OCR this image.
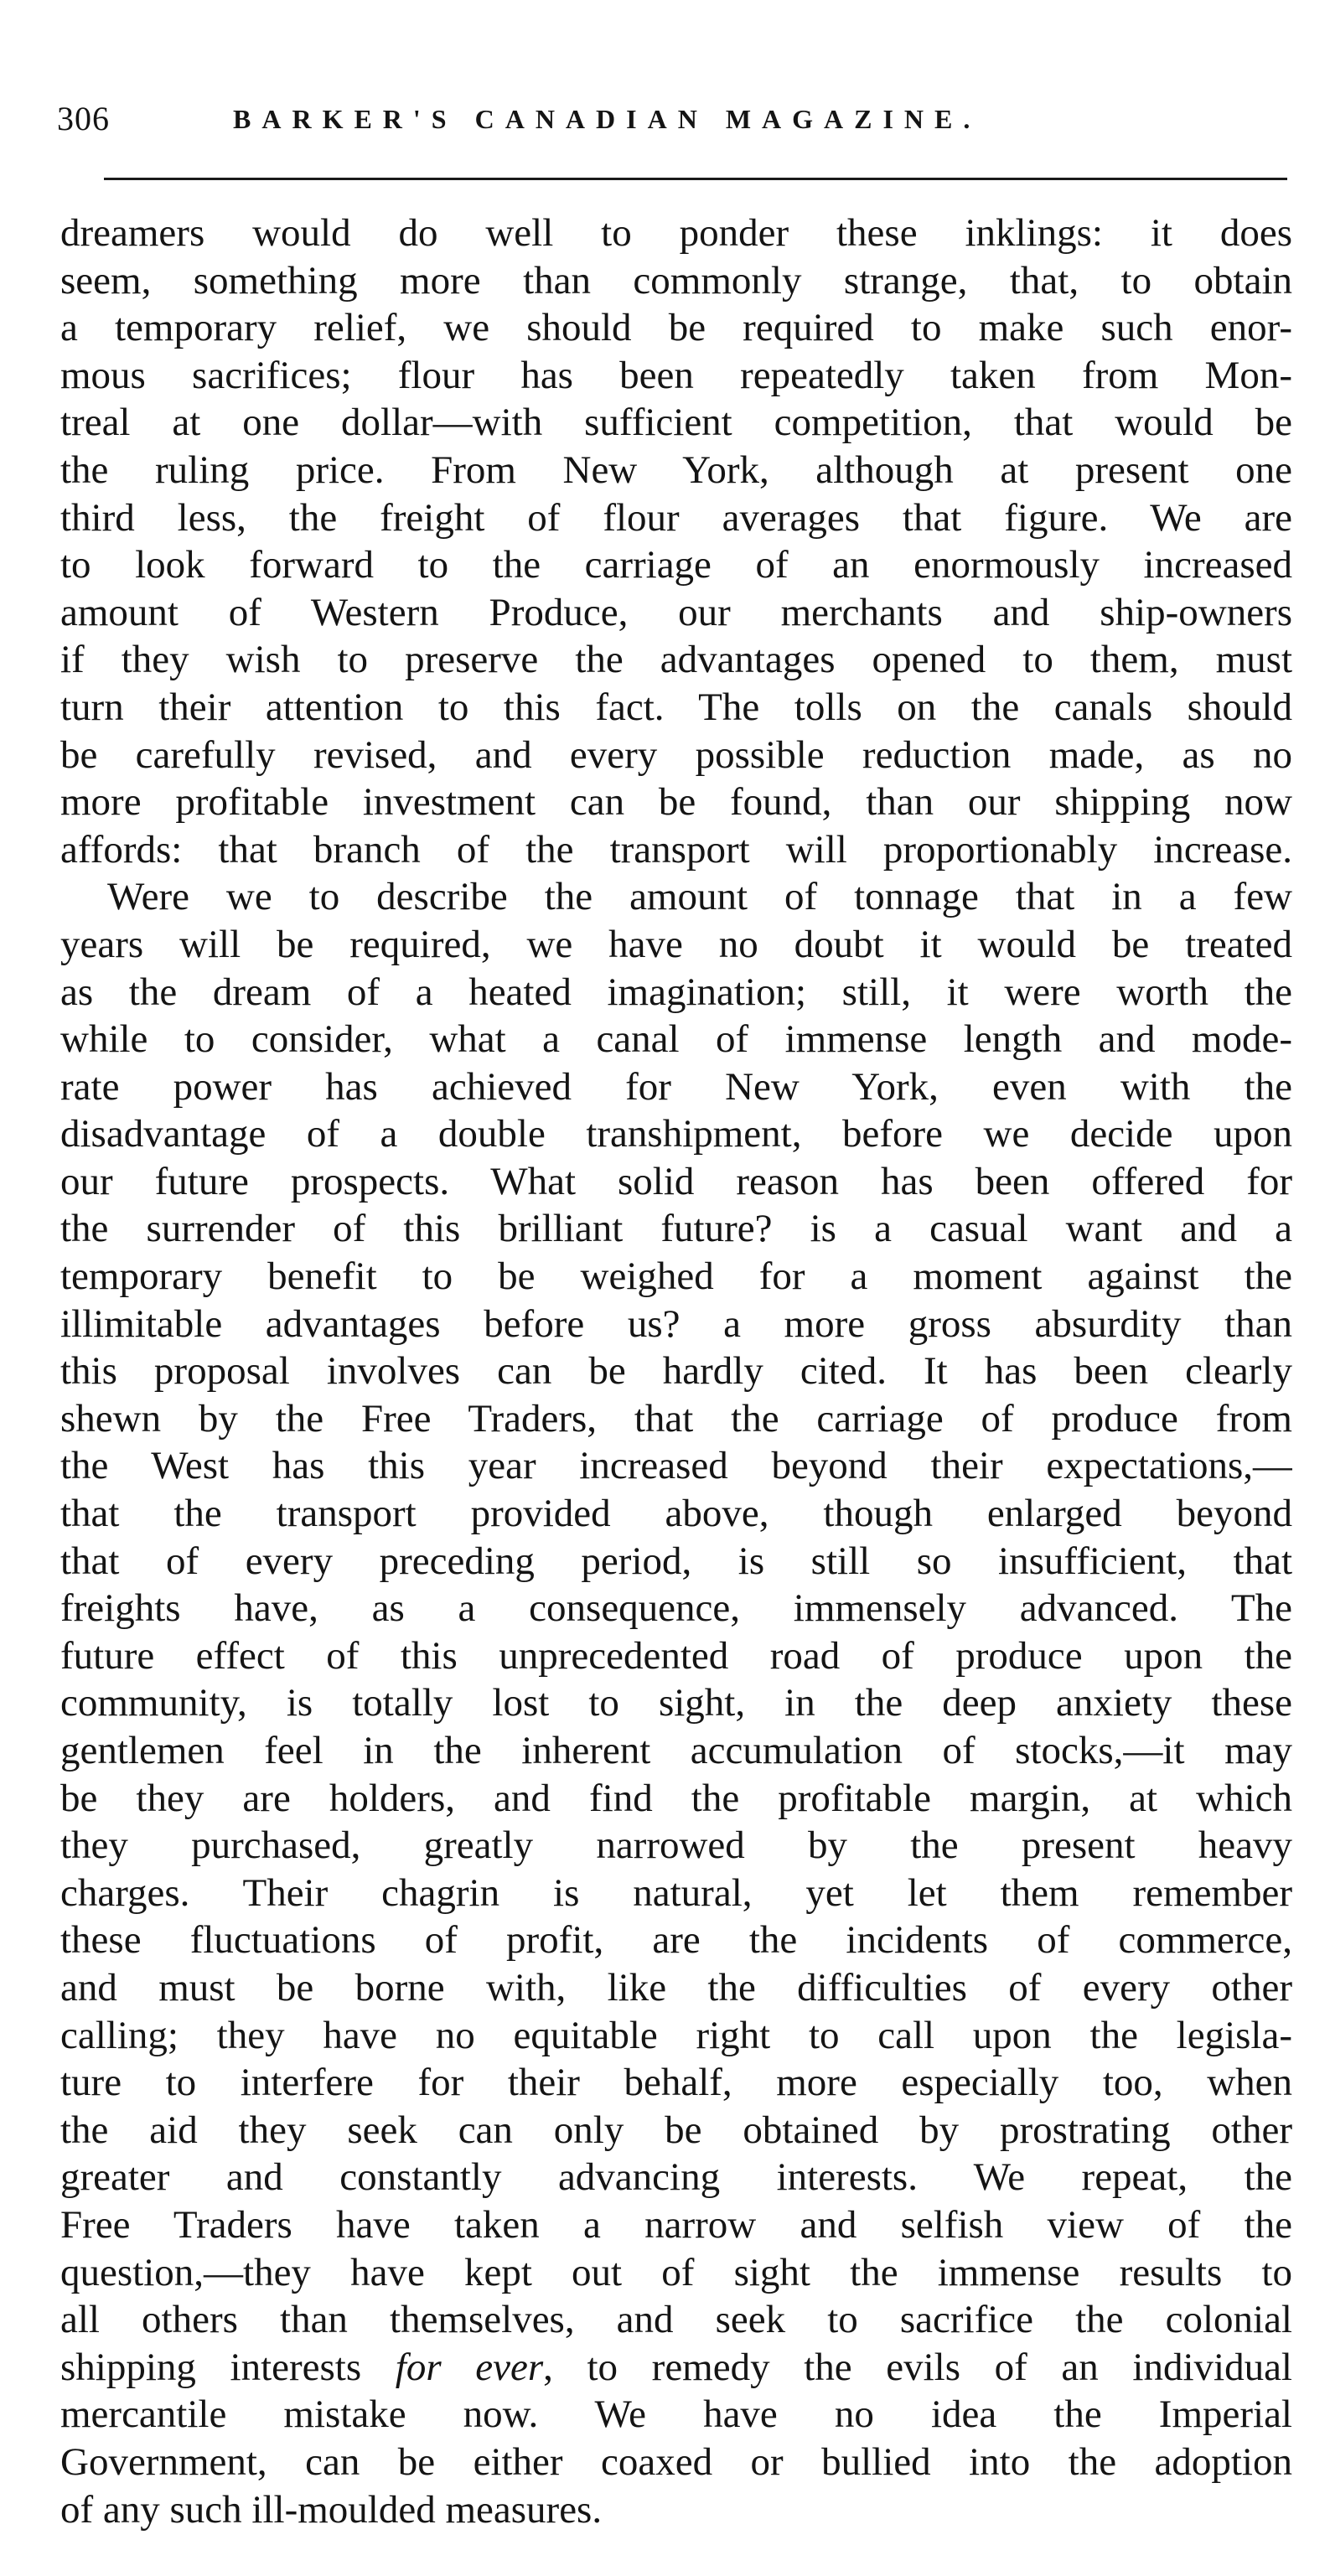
306	BARKER'S CANADIAN MAGAZINE.
dreamers would do well to ponder these inklings: it does
seem, something more than commonly strange, that, to obtain
a temporary relief, we should be required to make such enor-
mous sacrifices; flour has been repeatedly taken from Mon-
treal at one dollar—with sufficient competition, that would be
the ruling price. From New York, although at present one
third less, the freight of flour averages that figure. We are
to look forward to the carriage of an enormously increased
amount of Western Produce, our merchants and ship-owners
if they wish to preserve the advantages opened to them, must
turn their attention to this fact. The tolls on the canals should
be carefully revised, and every possible reduction made, as no
more profitable investment can be found, than our shipping now
affords: that branch of the transport will proportionably increase.
Were we to describe the amount of tonnage that in a few
years will be required, we have no doubt it would be treated
as the dream of a heated imagination; still, it were worth the
while to consider, what a canal of immense length and mode-
rate power has achieved for New York, even with the
disadvantage of a double transhipment, before we decide upon
our future prospects. What solid reason has been offered for
the surrender of this brilliant future? is a casual want and a
temporary benefit to be weighed for a moment against the
illimitable advantages before us? a more gross absurdity than
this proposal involves can be hardly cited. It has been clearly
shewn by the Free Traders, that the carriage of produce from
the West has this year increased beyond their expectations,—
that the transport provided above, though enlarged beyond
that of every preceding period, is still so insufficient, that
freights have, as a consequence, immensely advanced. The
future effect of this unprecedented road of produce upon the
community, is totally lost to sight, in the deep anxiety these
gentlemen feel in the inherent accumulation of stocks,—it may
be they are holders, and find the profitable margin, at which
they purchased, greatly narrowed by the present heavy
charges. Their chagrin is natural, yet let them remember
these fluctuations of profit, are the incidents of commerce,
and must be borne with, like the difficulties of every other
calling; they have no equitable right to call upon the legisla-
ture to interfere for their behalf, more especially too, when
the aid they seek can only be obtained by prostrating other
greater and constantly advancing interests. We repeat, the
Free Traders have taken a narrow and selfish view of the
question,—they have kept out of sight the immense results to
all others than themselves, and seek to sacrifice the colonial
shipping interests for ever, to remedy the evils of an individual
mercantile mistake now. We have no idea the Imperial
Government, can be either coaxed or bullied into the adoption
of any such ill-moulded measures.
